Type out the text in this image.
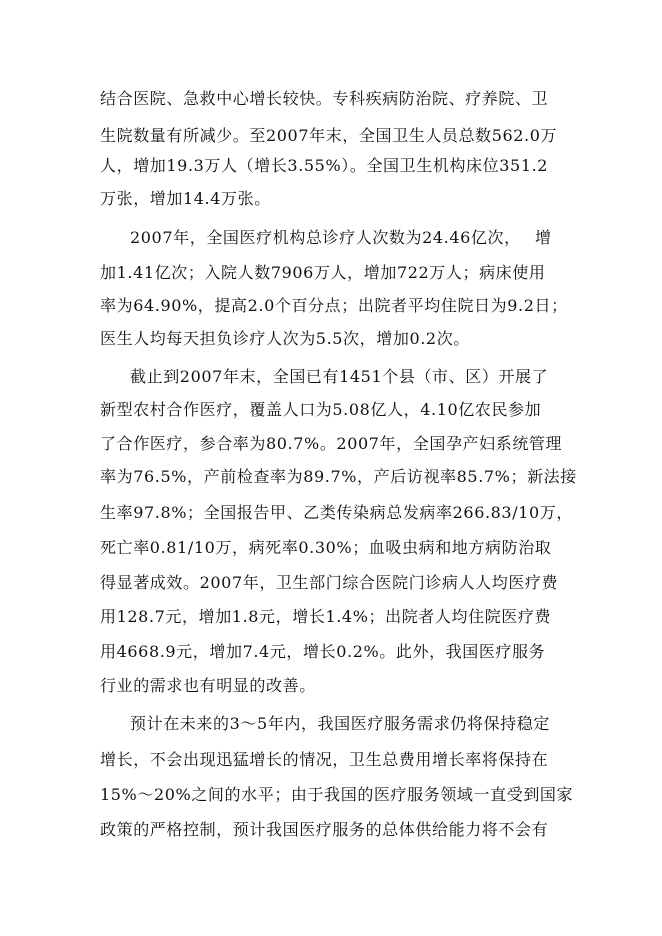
结合医院、急救中心增长较快。专科疾病防治院、疗养院、卫
生院数量有所减少。至2007年末，全国卫生人员总数562.0万
人，增加19.3万人（增长3.55%）。全国卫生机构床位351.2
万张，增加14.4万张。
2007年，全国医疗机构总诊疗人次数为24.46亿次，　 增
加1.41亿次；入院人数7906万人，增加722万人；病床使用
率为64.90%，提高2.0个百分点；出院者平均住院日为9.2日；
医生人均每天担负诊疗人次为5.5次，增加0.2次。
截止到2007年末，全国已有1451个县（市、区）开展了
新型农村合作医疗，覆盖人口为5.08亿人，4.10亿农民参加
了合作医疗，参合率为80.7%。2007年，全国孕产妇系统管理
率为76.5%，产前检查率为89.7%，产后访视率85.7%；新法接
生率97.8%；全国报告甲、乙类传染病总发病率266.83/10万，
死亡率0.81/10万，病死率0.30%；血吸虫病和地方病防治取
得显著成效。2007年，卫生部门综合医院门诊病人人均医疗费
用128.7元，增加1.8元，增长1.4%；出院者人均住院医疗费
用4668.9元，增加7.4元，增长0.2%。此外，我国医疗服务
行业的需求也有明显的改善。
预计在未来的3～5年内，我国医疗服务需求仍将保持稳定
增长，不会出现迅猛增长的情况，卫生总费用增长率将保持在
15%～20%之间的水平；由于我国的医疗服务领域一直受到国家
政策的严格控制，预计我国医疗服务的总体供给能力将不会有
